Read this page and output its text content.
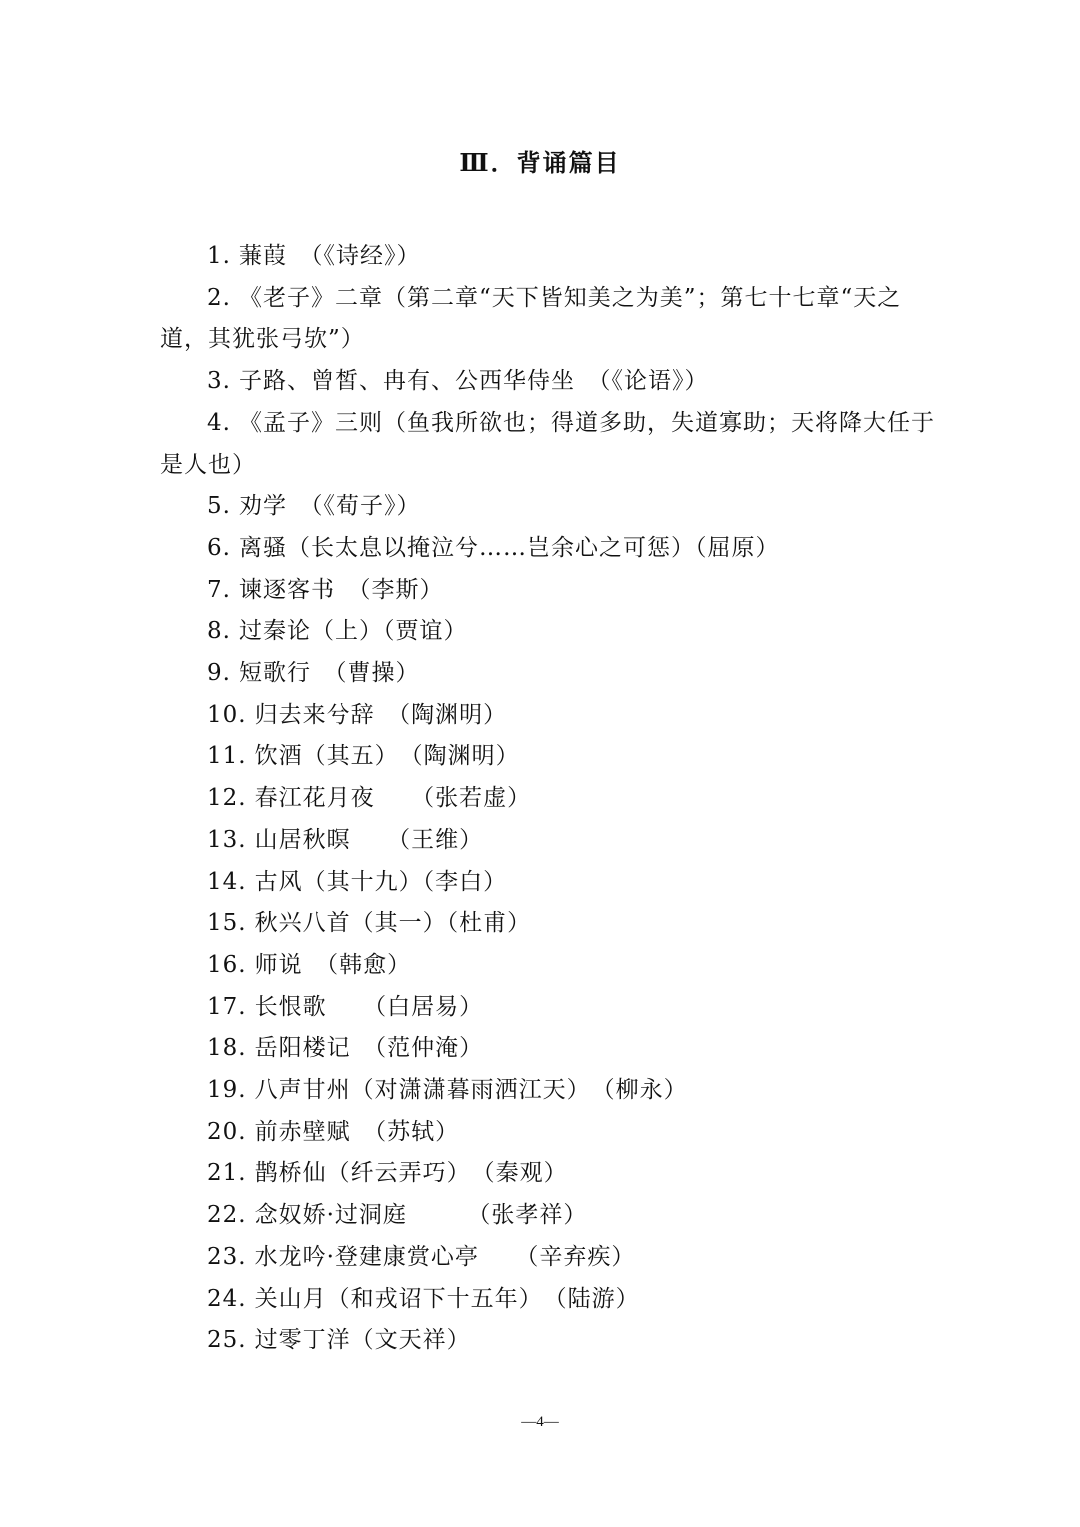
Ⅲ．背诵篇目
1. 蒹葭　（《诗经》）
2. 《老子》二章（第二章“天下皆知美之为美”；第七十七章“天之道，其犹张弓欤”）
3. 子路、曾皙、冉有、公西华侍坐　（《论语》）
4. 《孟子》三则（鱼我所欲也；得道多助，失道寡助；天将降大任于是人也）
5. 劝学　（《荀子》）
6. 离骚（长太息以掩泣兮……岂余心之可惩）（屈原）
7. 谏逐客书　（李斯）
8. 过秦论（上）（贾谊）
9. 短歌行　（曹操）
10. 归去来兮辞　（陶渊明）
11. 饮酒（其五）　（陶渊明）
12. 春江花月夜　　（张若虚）
13. 山居秋暝　　（王维）
14. 古风（其十九）（李白）
15. 秋兴八首（其一）（杜甫）
16. 师说　（韩愈）
17. 长恨歌　　（白居易）
18. 岳阳楼记　（范仲淹）
19. 八声甘州（对潇潇暮雨洒江天）　（柳永）
20. 前赤壁赋　（苏轼）
21. 鹊桥仙（纤云弄巧）　（秦观）
22. 念奴娇·过洞庭　　　（张孝祥）
23. 水龙吟·登建康赏心亭　　（辛弃疾）
24. 关山月（和戎诏下十五年）　（陆游）
25. 过零丁洋（文天祥）
—4—
